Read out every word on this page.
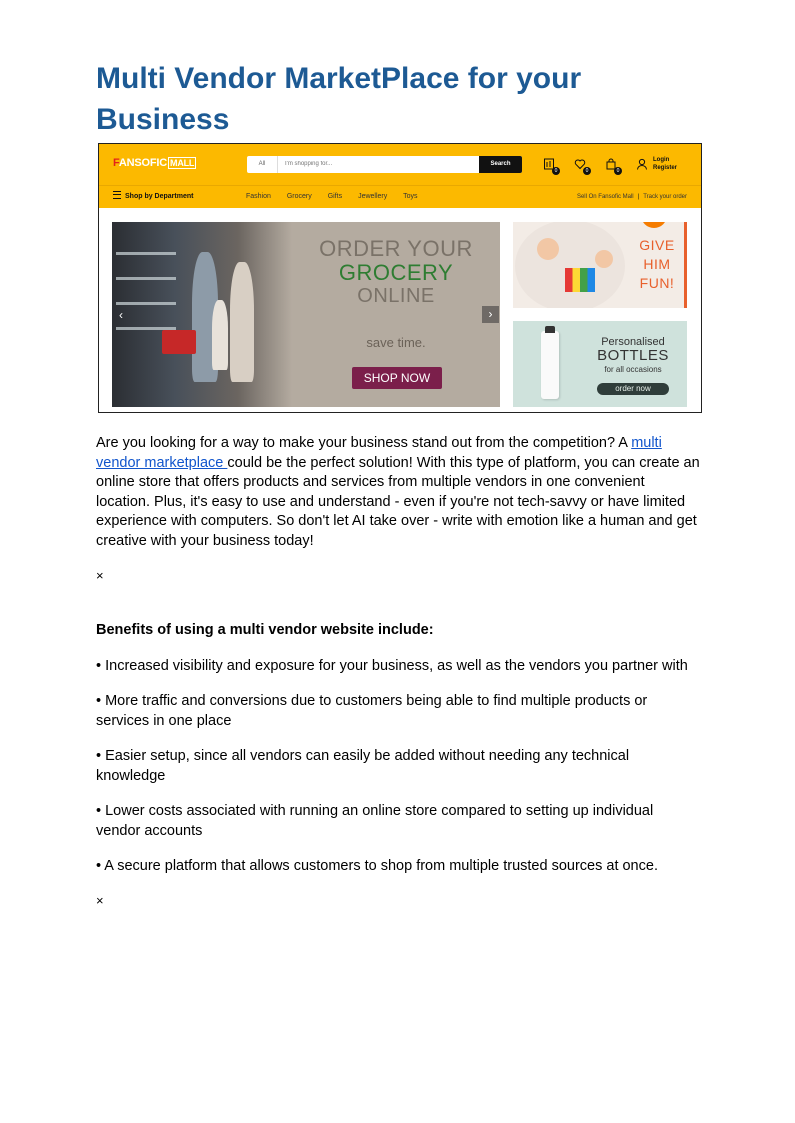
Multi Vendor MarketPlace for your Business
FANSOFIC MALL	All
I'm shopping for...	Search
0	0	0
Login
Register
Shop by Department	Fashion Grocery Gifts Jewellery Toys	Sell On Fansofic Mall | Track your order
ORDER YOUR
GROCERY
ONLINE
save time.
SHOP NOW
‹	›
GIVE
HIM
FUN!
Personalised
BOTTLES
for all occasions
order now

Are you looking for a way to make your business stand out from the competition? A multi vendor marketplace could be the perfect solution! With this type of platform, you can create an online store that offers products and services from multiple vendors in one convenient location. Plus, it's easy to use and understand - even if you're not tech-savvy or have limited experience with computers. So don't let AI take over - write with emotion like a human and get creative with your business today!

×
Benefits of using a multi vendor website include:

• Increased visibility and exposure for your business, as well as the vendors you partner with

• More traffic and conversions due to customers being able to find multiple products or services in one place

• Easier setup, since all vendors can easily be added without needing any technical knowledge

• Lower costs associated with running an online store compared to setting up individual vendor accounts

• A secure platform that allows customers to shop from multiple trusted sources at once.

×
